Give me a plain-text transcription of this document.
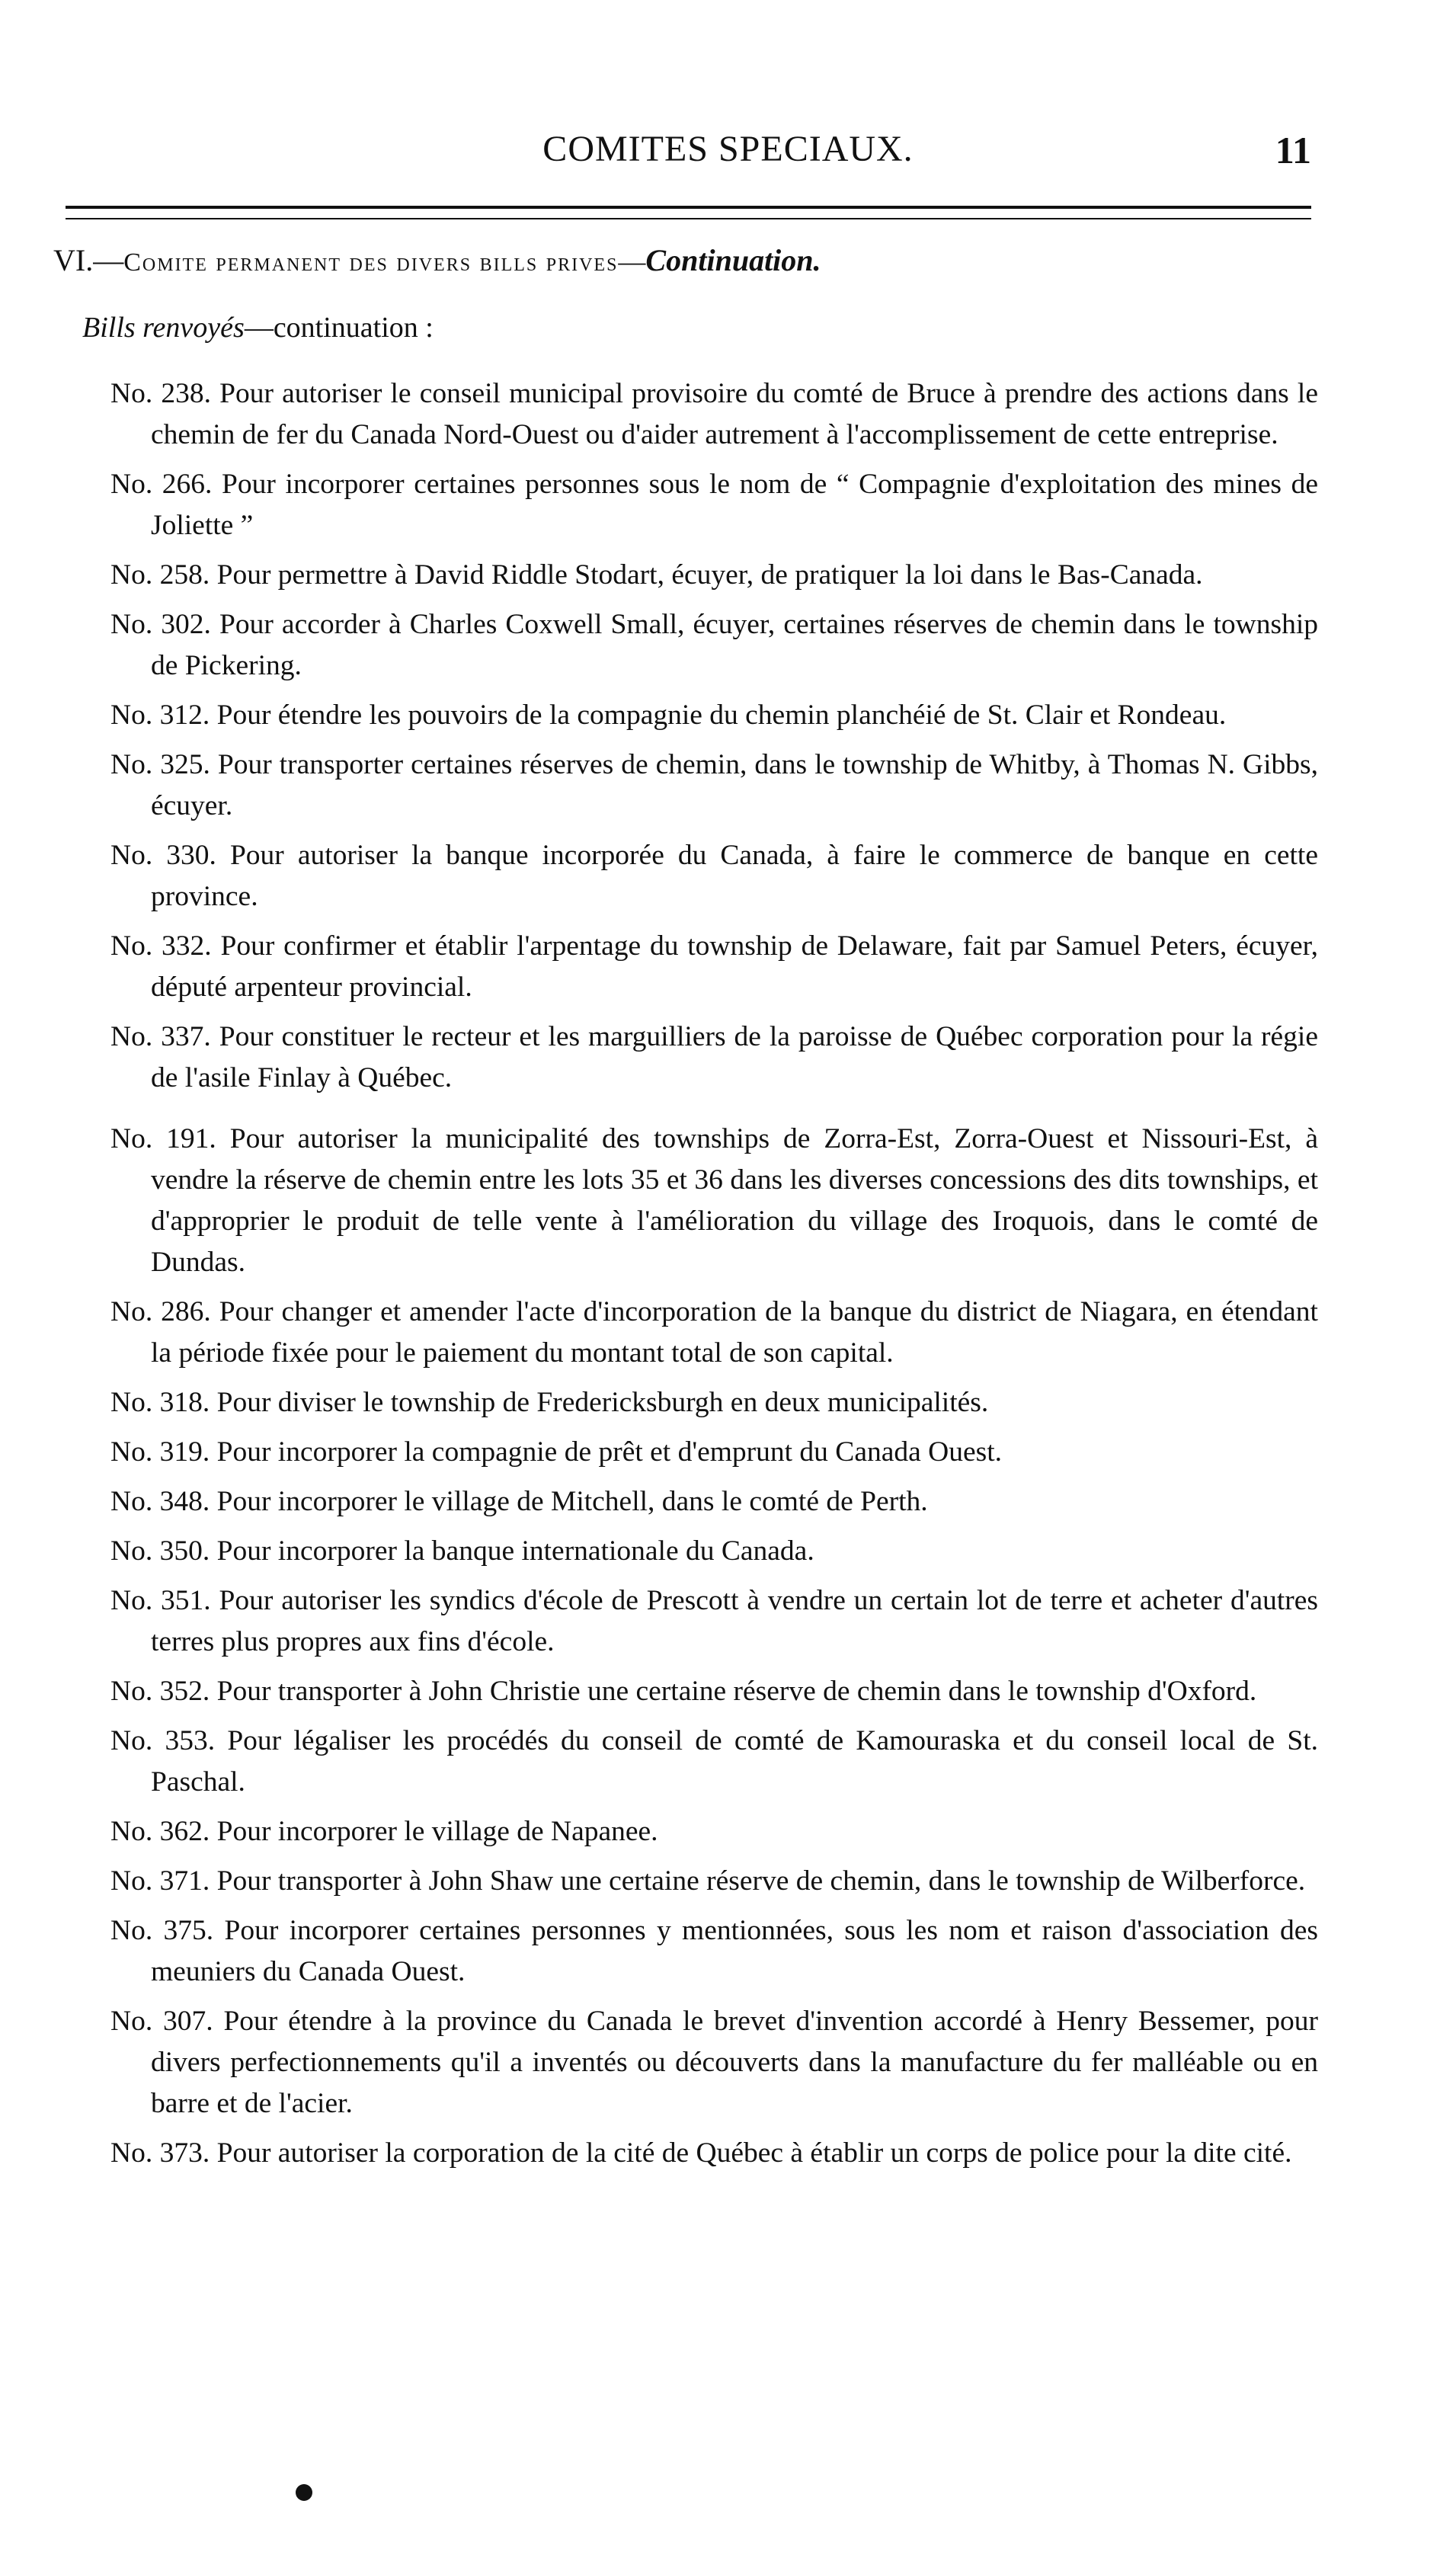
COMITES SPECIAUX.	11
VI.—Comite permanent des divers bills prives—Continuation.
Bills renvoyés—continuation :
No. 238. Pour autoriser le conseil municipal provisoire du comté de Bruce à prendre des actions dans le chemin de fer du Canada Nord-Ouest ou d'aider autrement à l'accomplissement de cette entreprise.
No. 266. Pour incorporer certaines personnes sous le nom de “ Compagnie d'exploitation des mines de Joliette ”
No. 258. Pour permettre à David Riddle Stodart, écuyer, de pratiquer la loi dans le Bas-Canada.
No. 302. Pour accorder à Charles Coxwell Small, écuyer, certaines réserves de chemin dans le township de Pickering.
No. 312. Pour étendre les pouvoirs de la compagnie du chemin planchéié de St. Clair et Rondeau.
No. 325. Pour transporter certaines réserves de chemin, dans le township de Whitby, à Thomas N. Gibbs, écuyer.
No. 330. Pour autoriser la banque incorporée du Canada, à faire le commerce de banque en cette province.
No. 332. Pour confirmer et établir l'arpentage du township de Delaware, fait par Samuel Peters, écuyer, député arpenteur provincial.
No. 337. Pour constituer le recteur et les marguilliers de la paroisse de Québec corporation pour la régie de l'asile Finlay à Québec.
No. 191. Pour autoriser la municipalité des townships de Zorra-Est, Zorra-Ouest et Nissouri-Est, à vendre la réserve de chemin entre les lots 35 et 36 dans les diverses concessions des dits townships, et d'approprier le produit de telle vente à l'amélioration du village des Iroquois, dans le comté de Dundas.
No. 286. Pour changer et amender l'acte d'incorporation de la banque du district de Niagara, en étendant la période fixée pour le paiement du montant total de son capital.
No. 318. Pour diviser le township de Fredericksburgh en deux municipalités.
No. 319. Pour incorporer la compagnie de prêt et d'emprunt du Canada Ouest.
No. 348. Pour incorporer le village de Mitchell, dans le comté de Perth.
No. 350. Pour incorporer la banque internationale du Canada.
No. 351. Pour autoriser les syndics d'école de Prescott à vendre un certain lot de terre et acheter d'autres terres plus propres aux fins d'école.
No. 352. Pour transporter à John Christie une certaine réserve de chemin dans le township d'Oxford.
No. 353. Pour légaliser les procédés du conseil de comté de Kamouraska et du conseil local de St. Paschal.
No. 362. Pour incorporer le village de Napanee.
No. 371. Pour transporter à John Shaw une certaine réserve de chemin, dans le township de Wilberforce.
No. 375. Pour incorporer certaines personnes y mentionnées, sous les nom et raison d'association des meuniers du Canada Ouest.
No. 307. Pour étendre à la province du Canada le brevet d'invention accordé à Henry Bessemer, pour divers perfectionnements qu'il a inventés ou découverts dans la manufacture du fer malléable ou en barre et de l'acier.
No. 373. Pour autoriser la corporation de la cité de Québec à établir un corps de police pour la dite cité.
